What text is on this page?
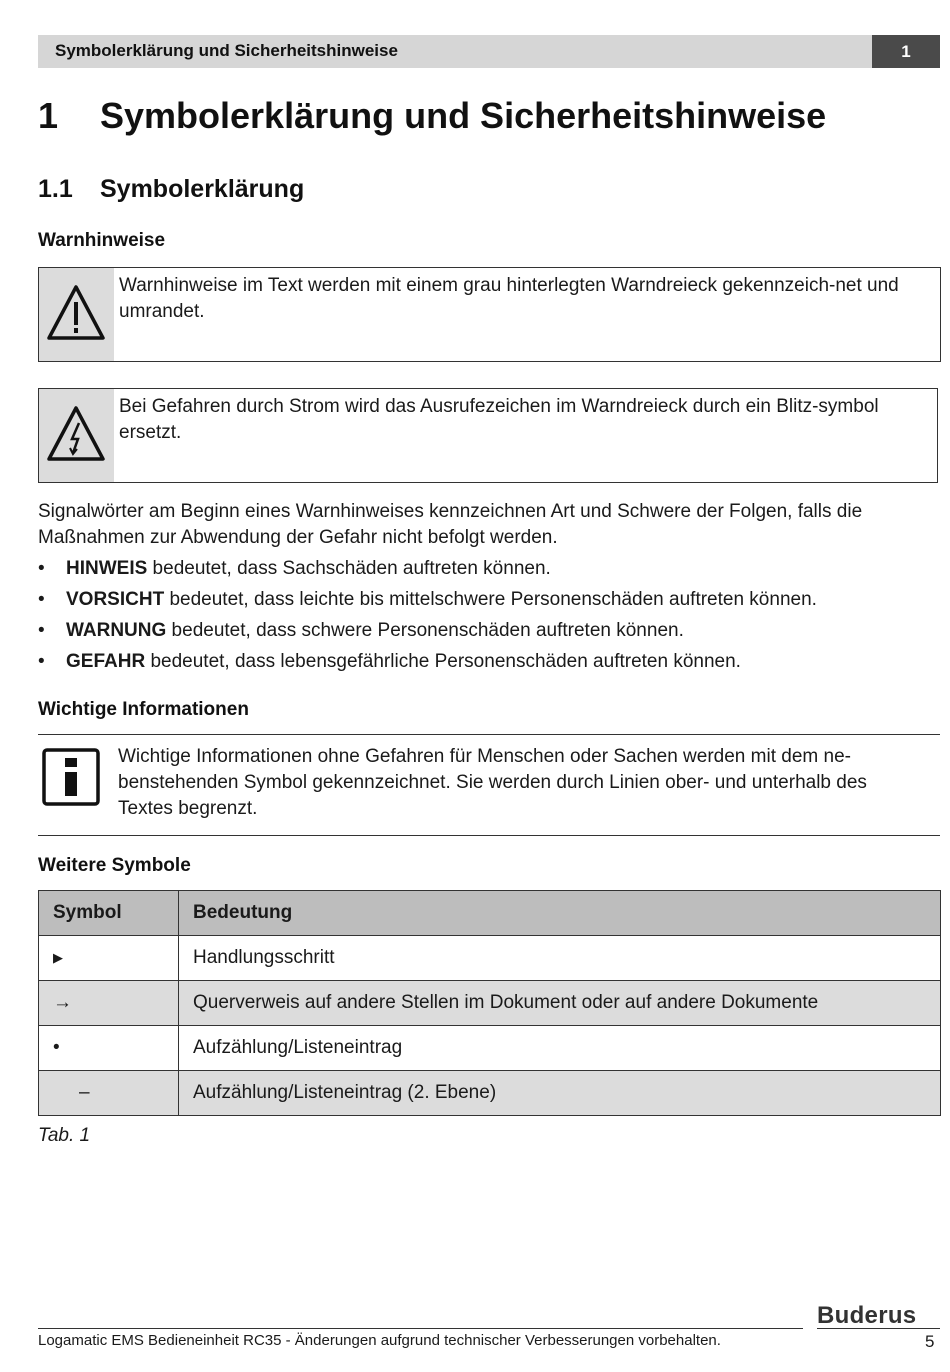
Symbolerklärung und Sicherheitshinweise	1
1 Symbolerklärung und Sicherheitshinweise
1.1 Symbolerklärung
Warnhinweise
Warnhinweise im Text werden mit einem grau hinterlegten Warndreieck gekennzeich-net und umrandet.
Bei Gefahren durch Strom wird das Ausrufezeichen im Warndreieck durch ein Blitz-symbol ersetzt.
Signalwörter am Beginn eines Warnhinweises kennzeichnen Art und Schwere der Folgen, falls die Maßnahmen zur Abwendung der Gefahr nicht befolgt werden.
• HINWEIS bedeutet, dass Sachschäden auftreten können.
• VORSICHT bedeutet, dass leichte bis mittelschwere Personenschäden auftreten können.
• WARNUNG bedeutet, dass schwere Personenschäden auftreten können.
• GEFAHR bedeutet, dass lebensgefährliche Personenschäden auftreten können.
Wichtige Informationen
Wichtige Informationen ohne Gefahren für Menschen oder Sachen werden mit dem ne-benstehenden Symbol gekennzeichnet. Sie werden durch Linien ober- und unterhalb des Textes begrenzt.
Weitere Symbole
Symbol	Bedeutung
▶	Handlungsschritt
→	Querverweis auf andere Stellen im Dokument oder auf andere Dokumente
•	Aufzählung/Listeneintrag
–	Aufzählung/Listeneintrag (2. Ebene)
Tab. 1
Buderus
Logamatic EMS Bedieneinheit RC35 - Änderungen aufgrund technischer Verbesserungen vorbehalten.	5
